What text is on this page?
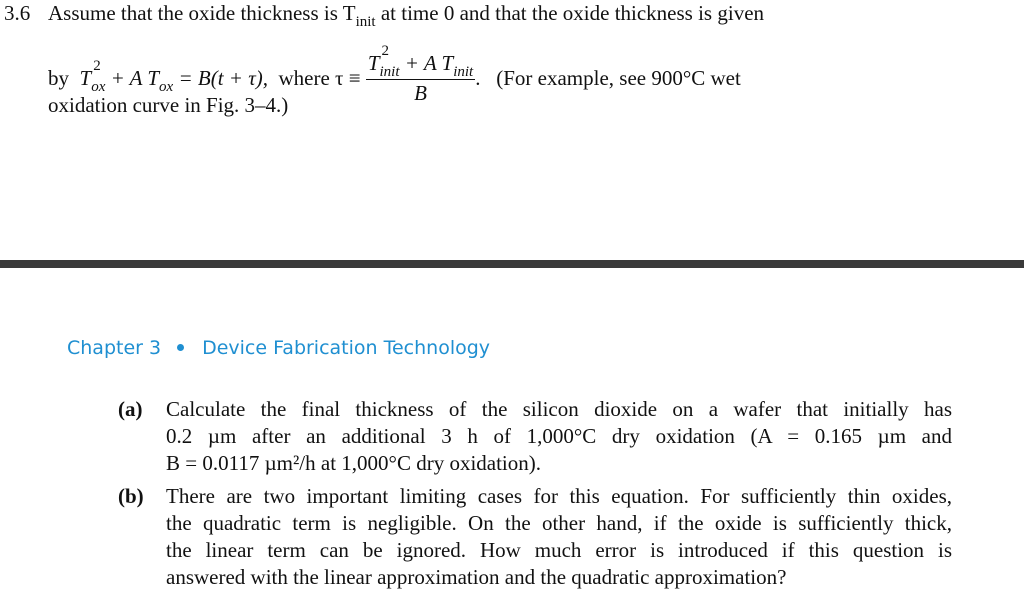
3.6 Assume that the oxide thickness is $T_{init}$ at time 0 and that the oxide thickness is given
by T 2
$_{ox}$ + A $T_{ox} = B(t + \tau)$, where τ ≡ T 2
$_{init}$ + A $T_{init}$
B . (For example, see 900°C wet
oxidation curve in Fig. 3–4.)
Chapter 3 Device Fabrication Technology
(a) Calculate the final thickness of the silicon dioxide on a wafer that initially has
0.2 µm after an additional 3 h of 1,000°C dry oxidation (A = 0.165 µm and
B = 0.0117 µm²/h at 1,000°C dry oxidation).
(b) There are two important limiting cases for this equation. For sufficiently thin oxides,
the quadratic term is negligible. On the other hand, if the oxide is sufficiently thick,
the linear term can be ignored. How much error is introduced if this question is
answered with the linear approximation and the quadratic approximation?
